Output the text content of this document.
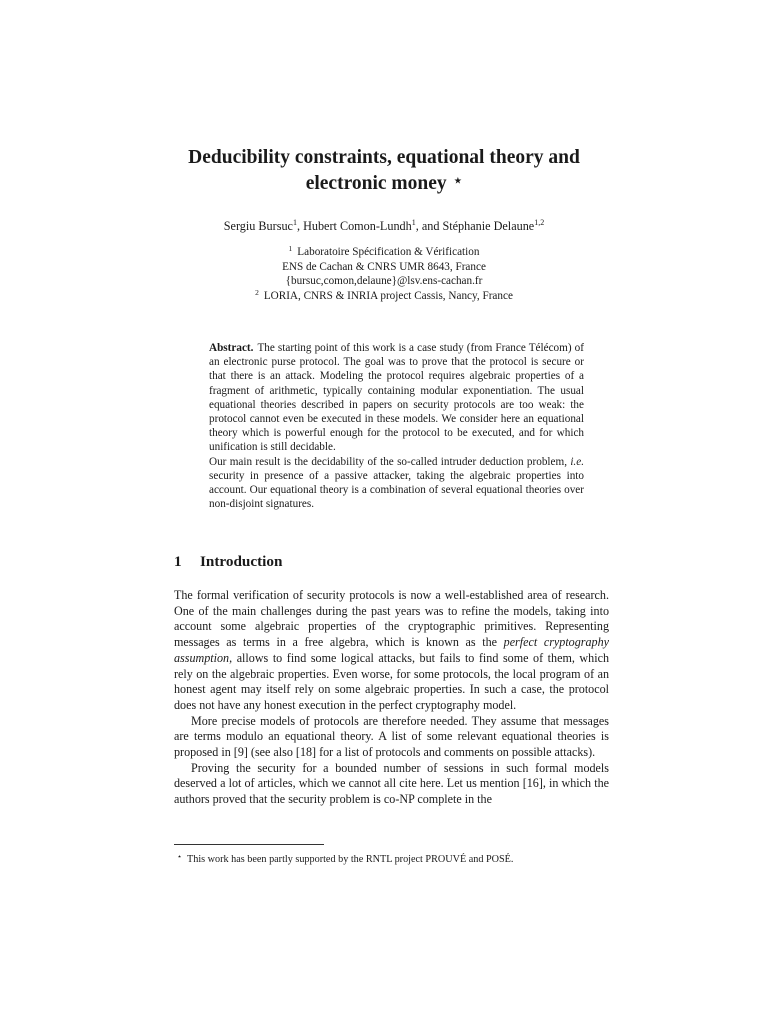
Deducibility constraints, equational theory and
electronic money ⋆
Sergiu Bursuc$^1$, Hubert Comon-Lundh$^1$, and Stéphanie Delaune$^{1,2}$
$^1$ Laboratoire Spécification & Vérification
ENS de Cachan & CNRS UMR 8643, France
{bursuc,comon,delaune}@lsv.ens-cachan.fr
$^2$ LORIA, CNRS & INRIA project Cassis, Nancy, France

Abstract. The starting point of this work is a case study (from France Télécom) of an electronic purse protocol. The goal was to prove that the protocol is secure or that there is an attack. Modeling the protocol requires algebraic properties of a fragment of arithmetic, typically containing modular exponentiation. The usual equational theories described in papers on security protocols are too weak: the protocol cannot even be executed in these models. We consider here an equational theory which is powerful enough for the protocol to be executed, and for which unification is still decidable.

Our main result is the decidability of the so-called intruder deduction problem, i.e. security in presence of a passive attacker, taking the algebraic properties into account. Our equational theory is a combination of several equational theories over non-disjoint signatures.

1 Introduction

The formal verification of security protocols is now a well-established area of research. One of the main challenges during the past years was to refine the models, taking into account some algebraic properties of the cryptographic primitives. Representing messages as terms in a free algebra, which is known as the perfect cryptography assumption, allows to find some logical attacks, but fails to find some of them, which rely on the algebraic properties. Even worse, for some protocols, the local program of an honest agent may itself rely on some algebraic properties. In such a case, the protocol does not have any honest execution in the perfect cryptography model.

More precise models of protocols are therefore needed. They assume that messages are terms modulo an equational theory. A list of some relevant equational theories is proposed in [9] (see also [18] for a list of protocols and comments on possible attacks).

Proving the security for a bounded number of sessions in such formal models deserved a lot of articles, which we cannot all cite here. Let us mention [16], in which the authors proved that the security problem is co-NP complete in the

⋆ This work has been partly supported by the RNTL project PROUVÉ and POSÉ.
